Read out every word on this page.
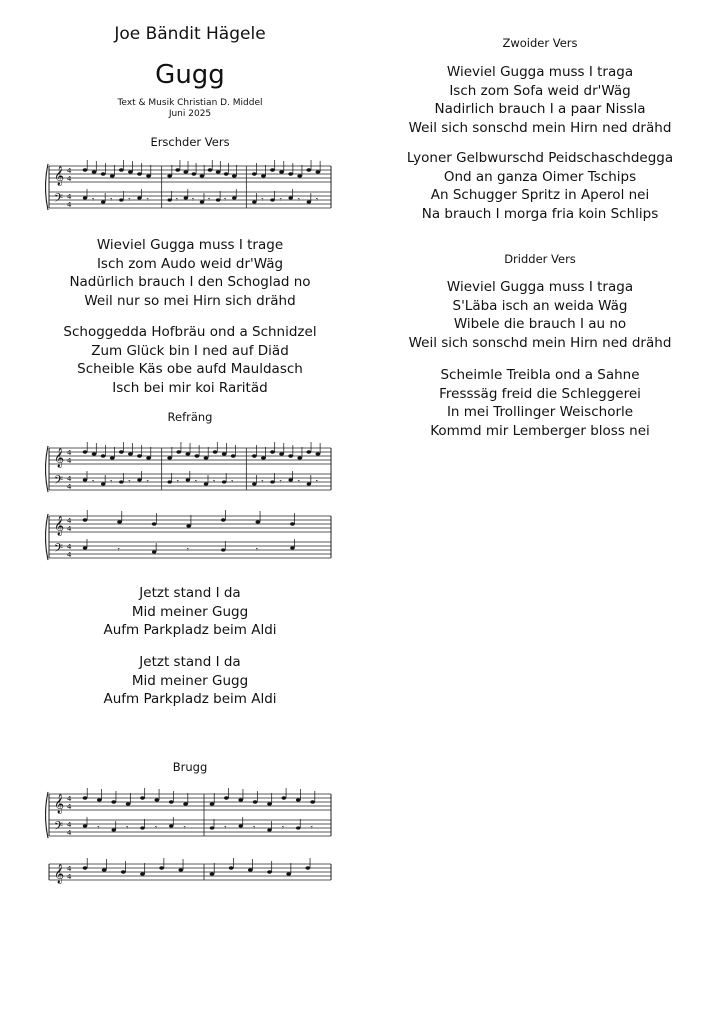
Joe Bändit Hägele
Gugg
Text & Musik Christian D. Middel
Juni 2025
Erschder Vers
𝄞
𝄢
4
4
4
4
𝄾 𝄾 𝄾 𝄾	𝄾 𝄾 𝄾 𝄾	𝄾 𝄾 𝄾 𝄾
Wieviel Gugga muss I trage
Isch zom Audo weid dr'Wäg
Nadürlich brauch I den Schoglad no
Weil nur so mei Hirn sich drähd
Schoggedda Hofbräu ond a Schnidzel
Zum Glück bin I ned auf Diäd
Scheible Käs obe aufd Mauldasch
Isch bei mir koi Raritäd
Refräng
𝄞
𝄢
4
4
4
4
𝄾 𝄾 𝄾 𝄾	𝄾 𝄾 𝄾 𝄾	𝄾 𝄾 𝄾 𝄾
𝄞
𝄢
4
4
4
4
𝄾	𝄾	𝄾
Jetzt stand I da
Mid meiner Gugg
Aufm Parkpladz beim Aldi
Jetzt stand I da
Mid meiner Gugg
Aufm Parkpladz beim Aldi
Brugg
𝄞
𝄢
4
4
4
4
𝄾	𝄾	𝄾	𝄾	𝄾	𝄾	𝄾	𝄾
𝄞 4
4
Zwoider Vers
Wieviel Gugga muss I traga
Isch zom Sofa weid dr'Wäg
Nadirlich brauch I a paar Nissla
Weil sich sonschd mein Hirn ned drähd
Lyoner Gelbwurschd Peidschaschdegga
Ond an ganza Oimer Tschips
An Schugger Spritz in Aperol nei
Na brauch I morga fria koin Schlips
Dridder Vers
Wieviel Gugga muss I traga
S'Läba isch an weida Wäg
Wibele die brauch I au no
Weil sich sonschd mein Hirn ned drähd
Scheimle Treibla ond a Sahne
Fresssäg freid die Schleggerei
In mei Trollinger Weischorle
Kommd mir Lemberger bloss nei
